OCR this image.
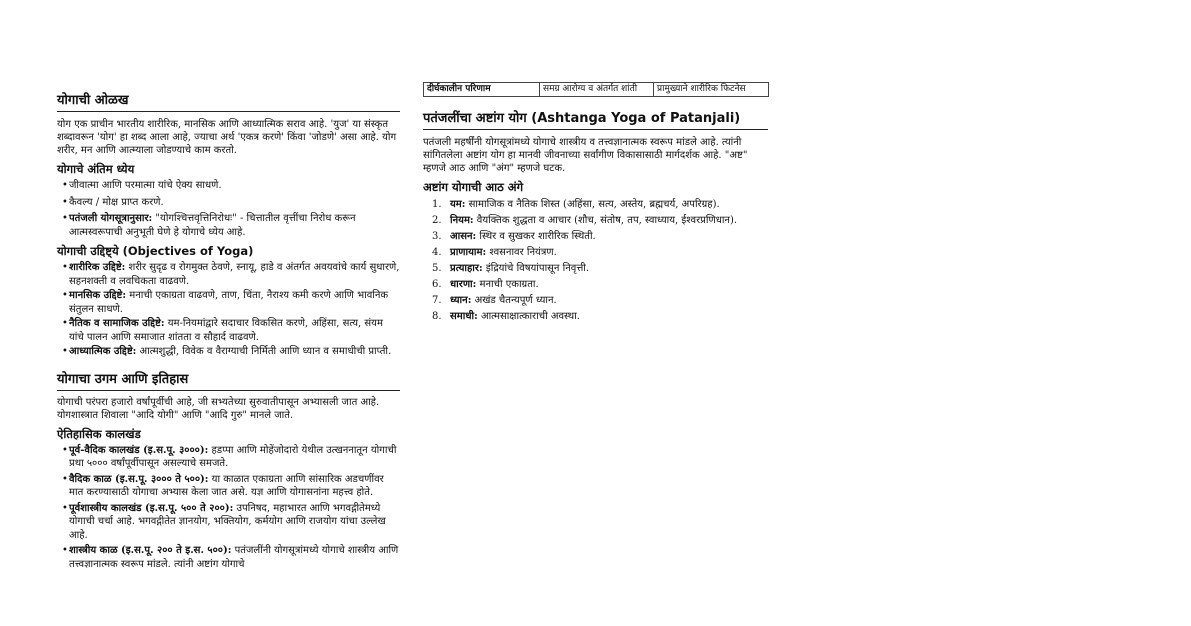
योगाची ओळख

योग एक प्राचीन भारतीय शारीरिक, मानसिक आणि आध्यात्मिक सराव आहे. 'युज' या संस्कृत शब्दावरून 'योग' हा शब्द आला आहे, ज्याचा अर्थ 'एकत्र करणे' किंवा 'जोडणे' असा आहे. योग शरीर, मन आणि आत्म्याला जोडण्याचे काम करतो.

योगाचे अंतिम ध्येय
• जीवात्मा आणि परमात्मा यांचे ऐक्य साधणे.
• कैवल्य / मोक्ष प्राप्त करणे.
• पतंजली योगसूत्रानुसार: "योगश्चित्तवृत्तिनिरोधः" - चित्तातील वृत्तींचा निरोध करून आत्मस्वरूपाची अनुभूती घेणे हे योगाचे ध्येय आहे.
योगाची उद्दिष्ट्ये (Objectives of Yoga)
• शारीरिक उद्दिष्टे: शरीर सुदृढ व रोगमुक्त ठेवणे, स्नायू, हाडे व अंतर्गत अवयवांचे कार्य सुधारणे, सहनशक्ती व लवचिकता वाढवणे.
• मानसिक उद्दिष्टे: मनाची एकाग्रता वाढवणे, ताण, चिंता, नैराश्य कमी करणे आणि भावनिक संतुलन साधणे.
• नैतिक व सामाजिक उद्दिष्टे: यम-नियमांद्वारे सदाचार विकसित करणे, अहिंसा, सत्य, संयम यांचे पालन आणि समाजात शांतता व सौहार्द वाढवणे.
• आध्यात्मिक उद्दिष्टे: आत्मशुद्धी, विवेक व वैराग्याची निर्मिती आणि ध्यान व समाधीची प्राप्ती.
योगाचा उगम आणि इतिहास

योगाची परंपरा हजारो वर्षांपूर्वीची आहे, जी सभ्यतेच्या सुरुवातीपासून अभ्यासली जात आहे. योगशास्त्रात शिवाला "आदि योगी" आणि "आदि गुरु" मानले जाते.

ऐतिहासिक कालखंड
• पूर्व-वैदिक कालखंड (इ.स.पू. ३०००): हडप्पा आणि मोहेंजोदारो येथील उत्खननातून योगाची प्रथा ५००० वर्षांपूर्वीपासून असल्याचे समजते.
• वैदिक काळ (इ.स.पू. ३००० ते ५००): या काळात एकाग्रता आणि सांसारिक अडचणींवर मात करण्यासाठी योगाचा अभ्यास केला जात असे. यज्ञ आणि योगासनांना महत्त्व होते.
• पूर्वशास्त्रीय कालखंड (इ.स.पू. ५०० ते २००): उपनिषद, महाभारत आणि भगवद्गीतेमध्ये योगाची चर्चा आहे. भगवद्गीतेत ज्ञानयोग, भक्तियोग, कर्मयोग आणि राजयोग यांचा उल्लेख आहे.
• शास्त्रीय काळ (इ.स.पू. २०० ते इ.स. ५००): पतंजलींनी योगसूत्रांमध्ये योगाचे शास्त्रीय आणि तत्त्वज्ञानात्मक स्वरूप मांडले. त्यांनी अष्टांग योगाचे
दीर्घकालीन परिणाम	समग्र आरोग्य व अंतर्गत शांती	प्रामुख्याने शारीरिक फिटनेस
पतंजलींचा अष्टांग योग (Ashtanga Yoga of Patanjali)

पतंजली महर्षींनी योगसूत्रांमध्ये योगाचे शास्त्रीय व तत्त्वज्ञानात्मक स्वरूप मांडले आहे. त्यांनी सांगितलेला अष्टांग योग हा मानवी जीवनाच्या सर्वांगीण विकासासाठी मार्गदर्शक आहे. "अष्ट" म्हणजे आठ आणि "अंग" म्हणजे घटक.

अष्टांग योगाची आठ अंगे
1. यम: सामाजिक व नैतिक शिस्त (अहिंसा, सत्य, अस्तेय, ब्रह्मचर्य, अपरिग्रह).
2. नियम: वैयक्तिक शुद्धता व आचार (शौच, संतोष, तप, स्वाध्याय, ईश्वरप्रणिधान).
3. आसन: स्थिर व सुखकर शारीरिक स्थिती.
4. प्राणायाम: श्वसनावर नियंत्रण.
5. प्रत्याहार: इंद्रियांचे विषयांपासून निवृत्ती.
6. धारणा: मनाची एकाग्रता.
7. ध्यान: अखंड चैतन्यपूर्ण ध्यान.
8. समाधी: आत्मसाक्षात्काराची अवस्था.
